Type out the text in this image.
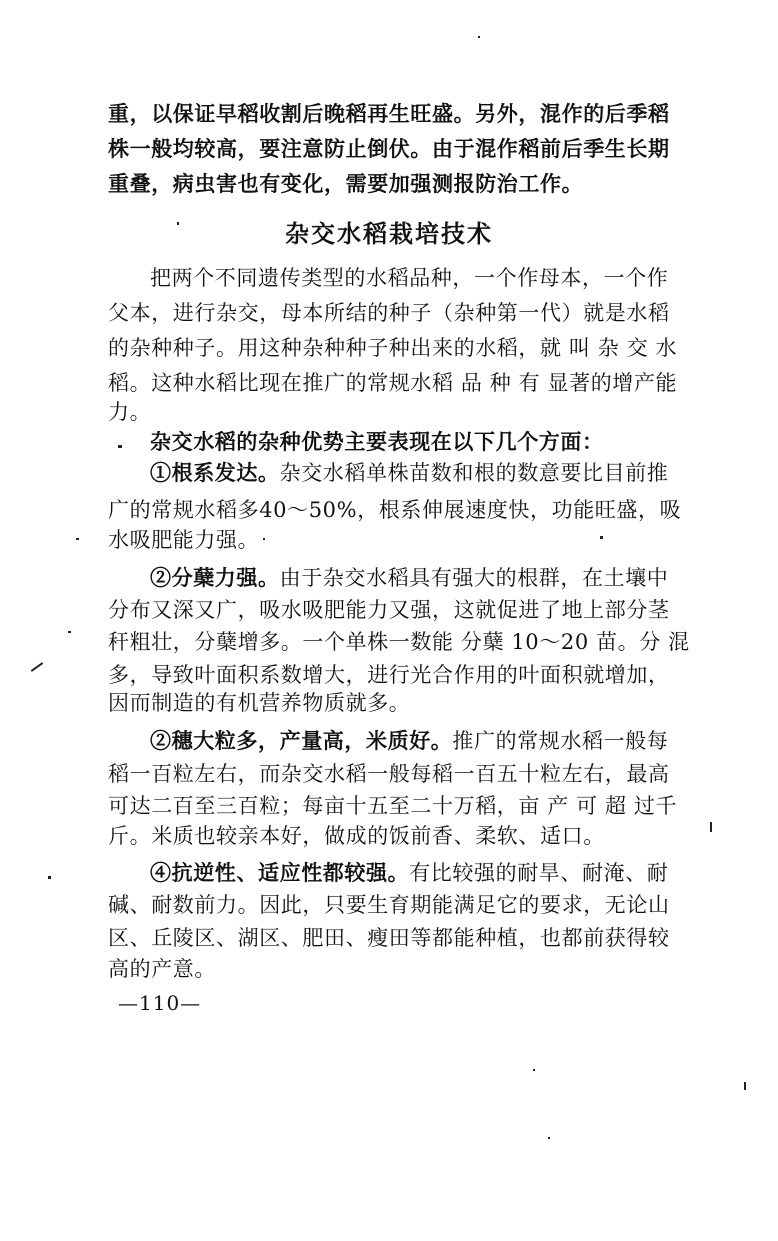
重，以保证早稻收割后晚稻再生旺盛。另外，混作的后季稻
株一般均较高，要注意防止倒伏。由于混作稻前后季生长期
重叠，病虫害也有变化，需要加强测报防治工作。
杂交水稻栽培技术
把两个不同遗传类型的水稻品种，一个作母本，一个作
父本，进行杂交，母本所结的种子（杂种第一代）就是水稻
的杂种种子。用这种杂种种子种出来的水稻，就 叫 杂 交 水
稻。这种水稻比现在推广的常规水稻 品 种 有 显著的增产能
力。
杂交水稻的杂种优势主要表现在以下几个方面：
①根系发达。杂交水稻单株苗数和根的数意要比目前推
广的常规水稻多40～50%，根系伸展速度快，功能旺盛，吸
水吸肥能力强。
②分蘖力强。由于杂交水稻具有强大的根群，在土壤中
分布又深又广，吸水吸肥能力又强，这就促进了地上部分茎
秆粗壮，分蘖增多。一个单株一数能 分蘖 10～20 苗。分 混
多，导致叶面积系数增大，进行光合作用的叶面积就增加，
因而制造的有机营养物质就多。
②穗大粒多，产量高，米质好。推广的常规水稻一般每
稻一百粒左右，而杂交水稻一般每稻一百五十粒左右，最高
可达二百至三百粒；每亩十五至二十万稻，亩 产 可 超 过千
斤。米质也较亲本好，做成的饭前香、柔软、适口。
④抗逆性、适应性都较强。有比较强的耐旱、耐淹、耐
碱、耐数前力。因此，只要生育期能满足它的要求，无论山
区、丘陵区、湖区、肥田、瘦田等都能种植，也都前获得较
高的产意。
—110—
